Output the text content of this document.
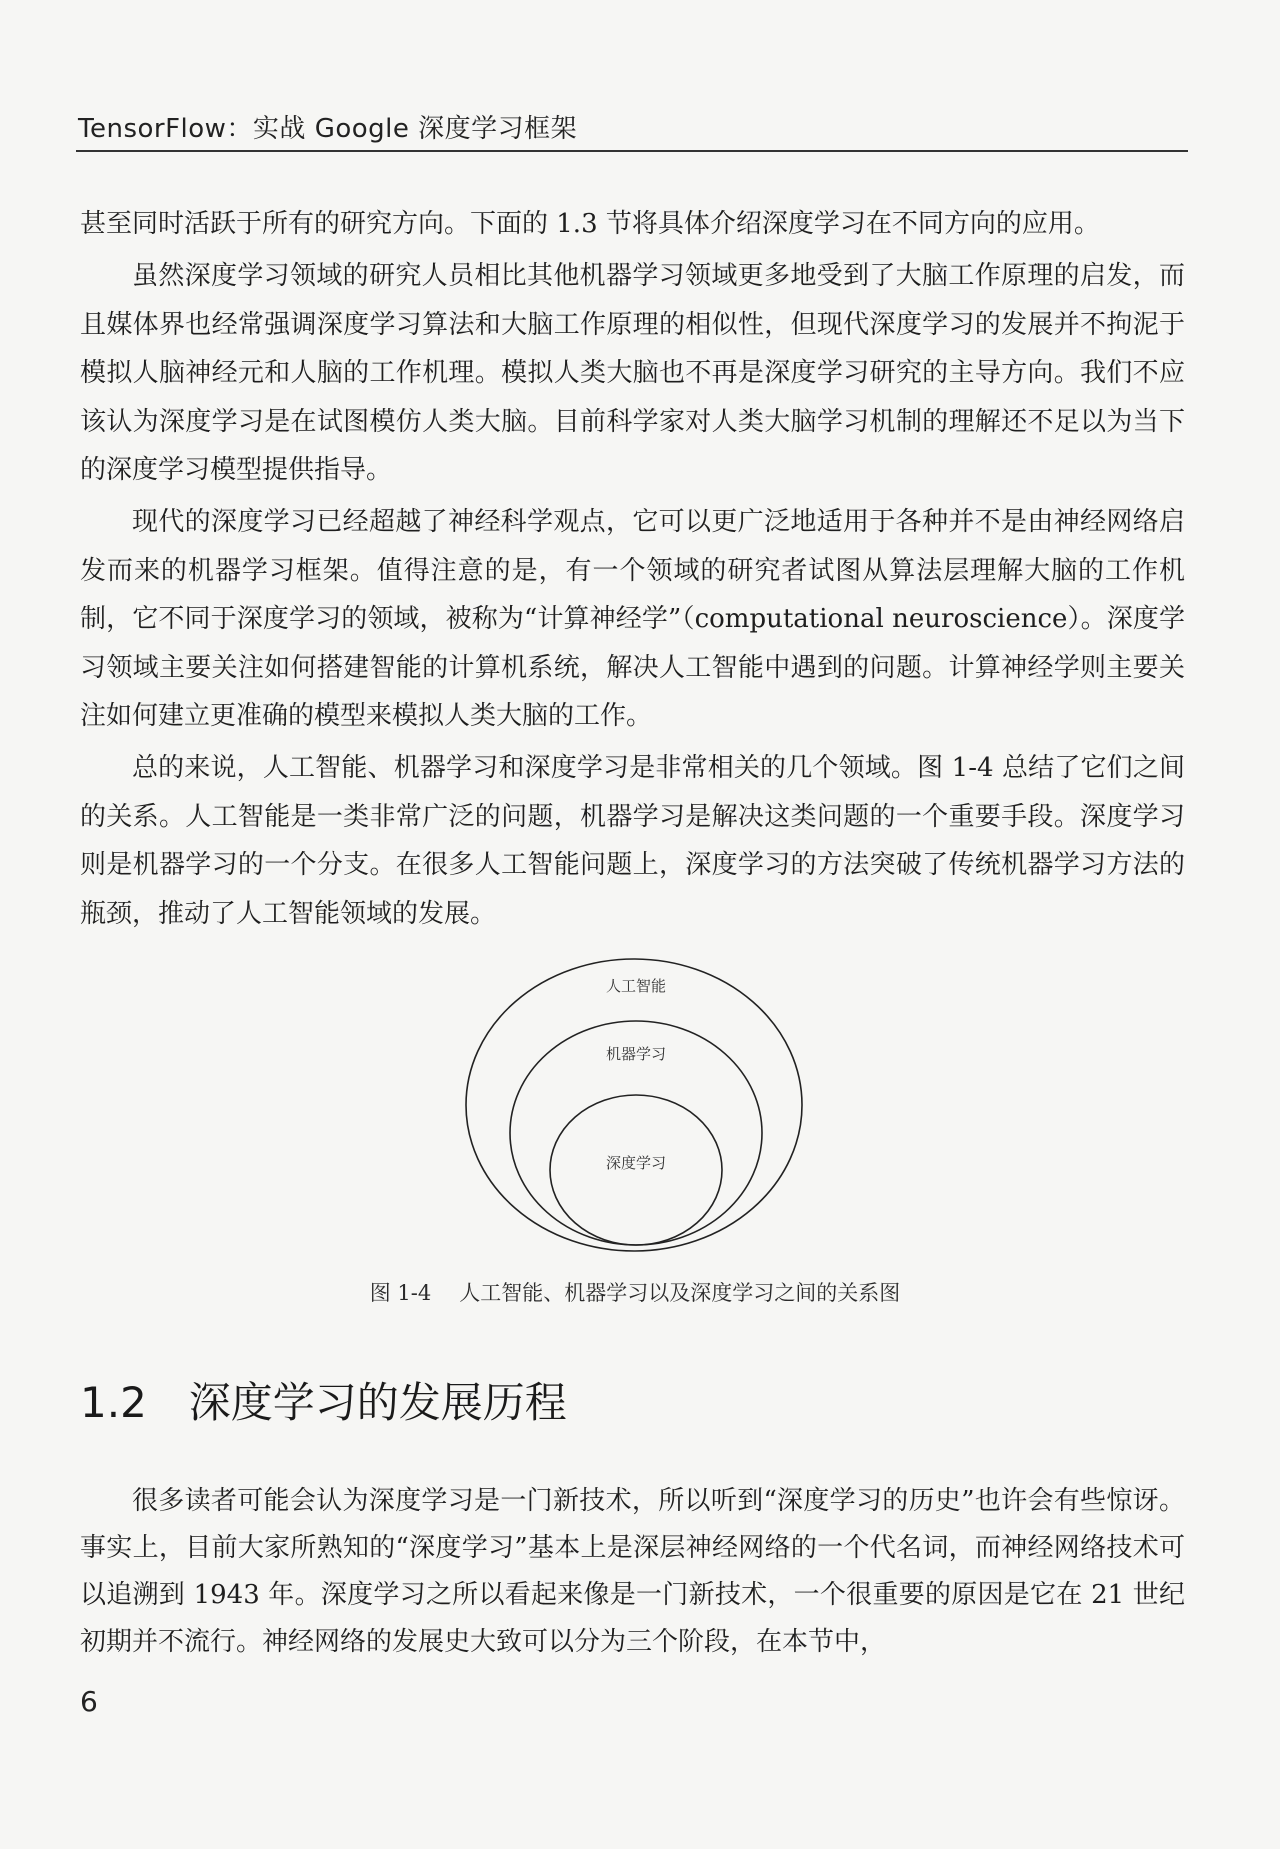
TensorFlow：实战 Google 深度学习框架

甚至同时活跃于所有的研究方向。下面的 1.3 节将具体介绍深度学习在不同方向的应用。

虽然深度学习领域的研究人员相比其他机器学习领域更多地受到了大脑工作原理的启发，而且媒体界也经常强调深度学习算法和大脑工作原理的相似性，但现代深度学习的发展并不拘泥于模拟人脑神经元和人脑的工作机理。模拟人类大脑也不再是深度学习研究的主导方向。我们不应该认为深度学习是在试图模仿人类大脑。目前科学家对人类大脑学习机制的理解还不足以为当下的深度学习模型提供指导。

现代的深度学习已经超越了神经科学观点，它可以更广泛地适用于各种并不是由神经网络启发而来的机器学习框架。值得注意的是，有一个领域的研究者试图从算法层理解大脑的工作机制，它不同于深度学习的领域，被称为“计算神经学”（computational neuroscience）。深度学习领域主要关注如何搭建智能的计算机系统，解决人工智能中遇到的问题。计算神经学则主要关注如何建立更准确的模型来模拟人类大脑的工作。

总的来说，人工智能、机器学习和深度学习是非常相关的几个领域。图 1-4 总结了它们之间的关系。人工智能是一类非常广泛的问题，机器学习是解决这类问题的一个重要手段。深度学习则是机器学习的一个分支。在很多人工智能问题上，深度学习的方法突破了传统机器学习方法的瓶颈，推动了人工智能领域的发展。

人工智能
机器学习
深度学习
图 1-4 人工智能、机器学习以及深度学习之间的关系图
1.2 深度学习的发展历程

很多读者可能会认为深度学习是一门新技术，所以听到“深度学习的历史”也许会有些惊讶。事实上，目前大家所熟知的“深度学习”基本上是深层神经网络的一个代名词，而神经网络技术可以追溯到 1943 年。深度学习之所以看起来像是一门新技术，一个很重要的原因是它在 21 世纪初期并不流行。神经网络的发展史大致可以分为三个阶段，在本节中，

6
